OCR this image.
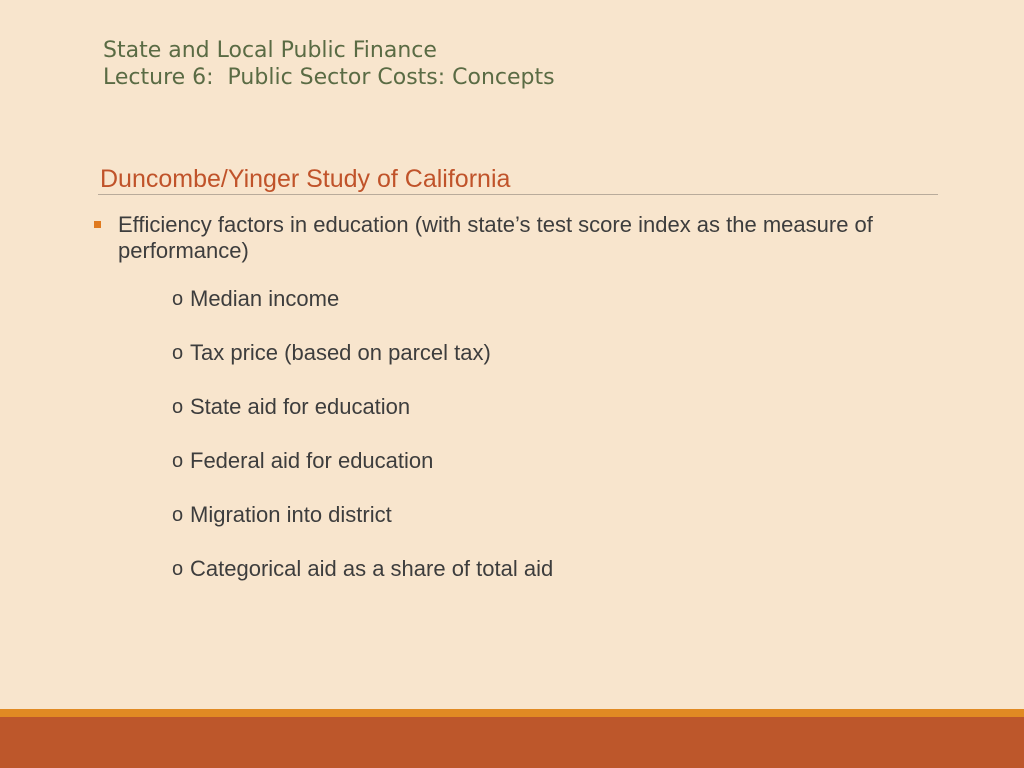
State and Local Public Finance
Lecture 6:  Public Sector Costs: Concepts
Duncombe/Yinger Study of California
Efficiency factors in education (with state’s test score index as the measure of performance)
o Median income
o Tax price (based on parcel tax)
o State aid for education
o Federal aid for education
o Migration into district
o Categorical aid as a share of total aid
